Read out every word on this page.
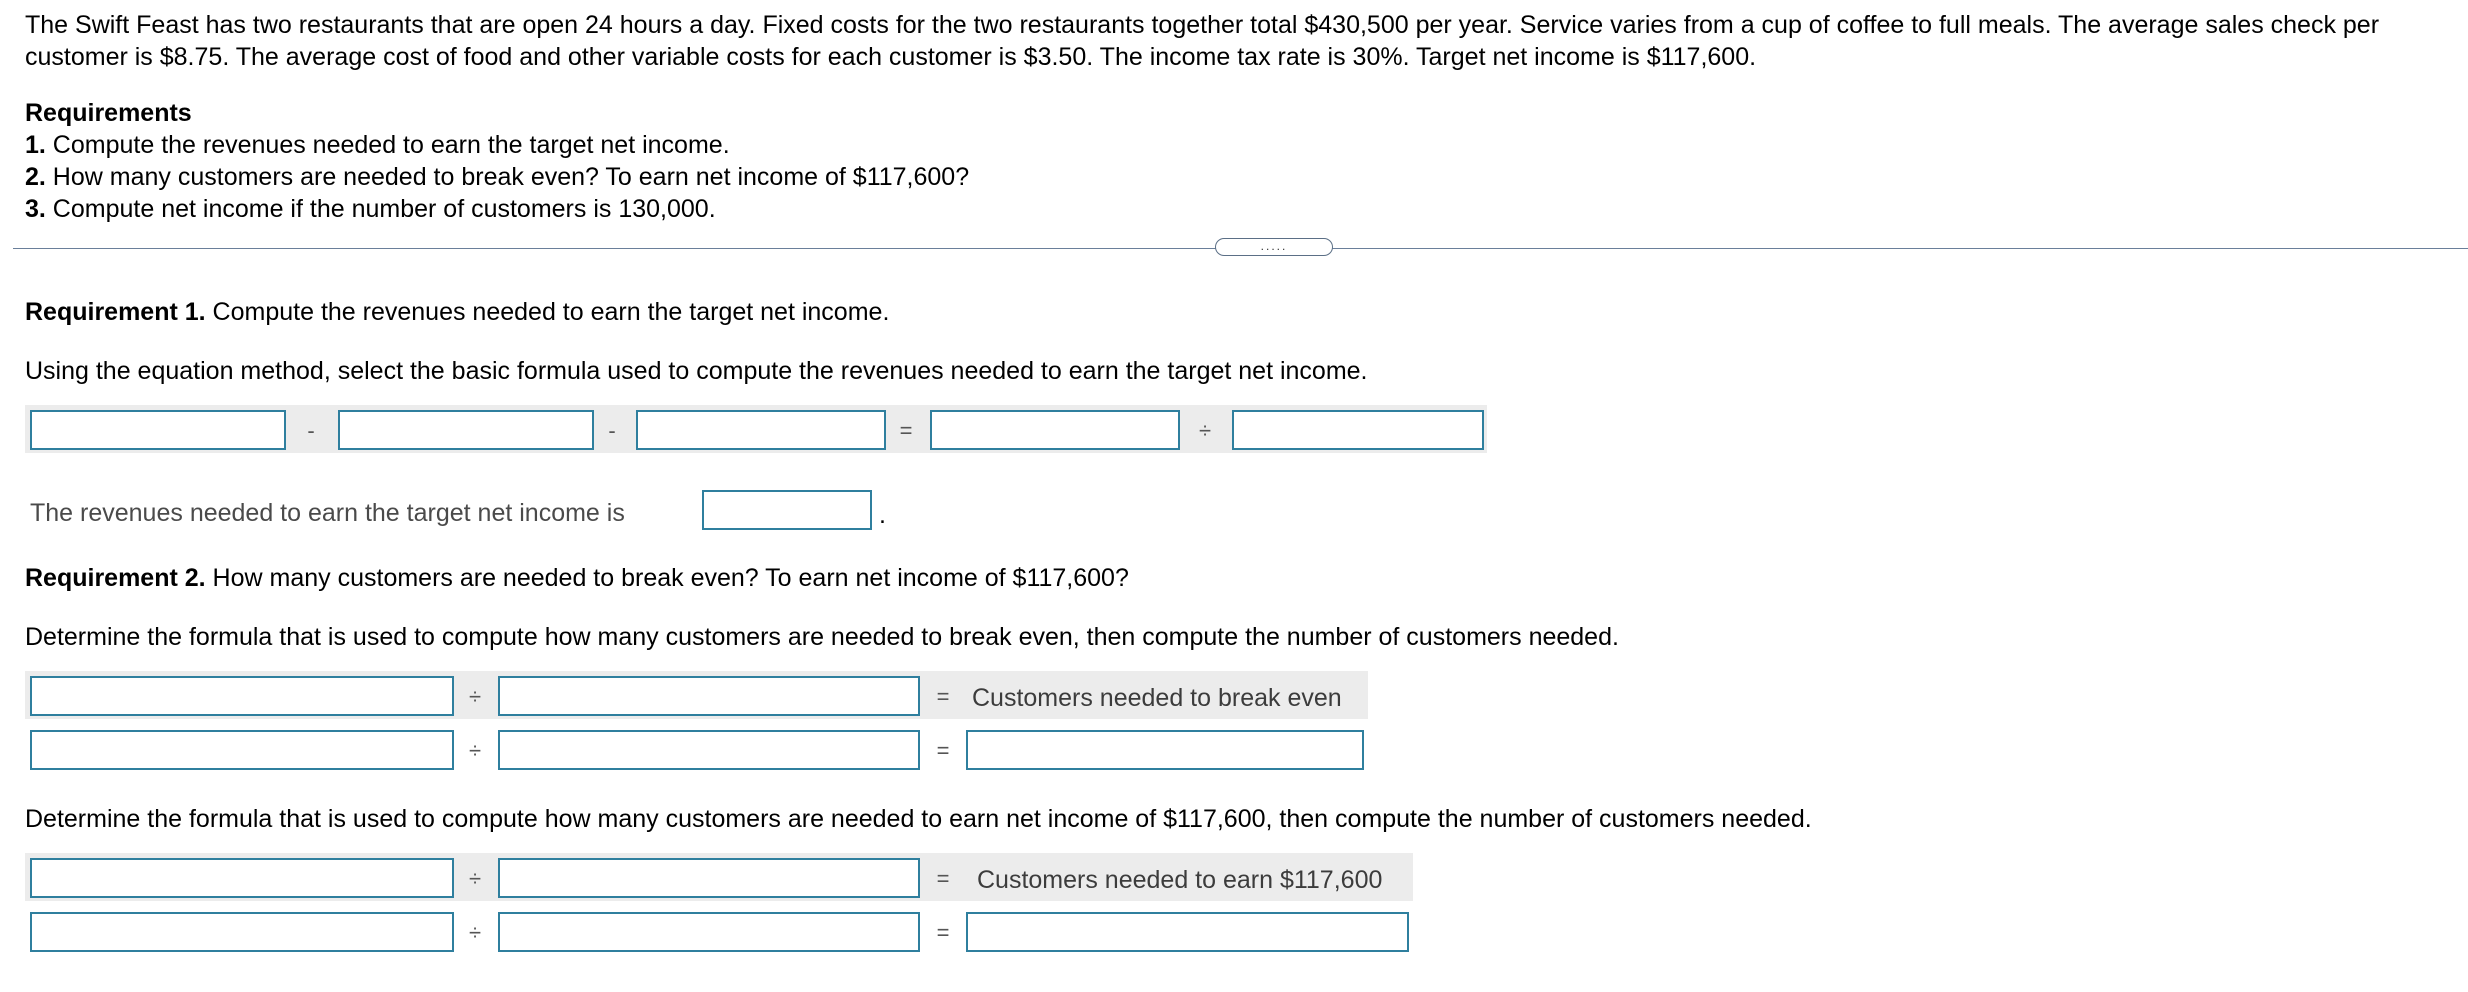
The Swift Feast has two restaurants that are open 24 hours a day. Fixed costs for the two restaurants together total $430,500 per year. Service varies from a cup of coffee to full meals. The average sales check per
customer is $8.75. The average cost of food and other variable costs for each customer is $3.50. The income tax rate is 30%. Target net income is $117,600.
Requirements
1. Compute the revenues needed to earn the target net income.
2. How many customers are needed to break even? To earn net income of $117,600?
3. Compute net income if the number of customers is 130,000.
.....
Requirement 1. Compute the revenues needed to earn the target net income.
Using the equation method, select the basic formula used to compute the revenues needed to earn the target net income.
-	-	=	÷
The revenues needed to earn the target net income is	.
Requirement 2. How many customers are needed to break even? To earn net income of $117,600?
Determine the formula that is used to compute how many customers are needed to break even, then compute the number of customers needed.
÷	= Customers needed to break even
÷	=
Determine the formula that is used to compute how many customers are needed to earn net income of $117,600, then compute the number of customers needed.
÷	= Customers needed to earn $117,600
÷	=
